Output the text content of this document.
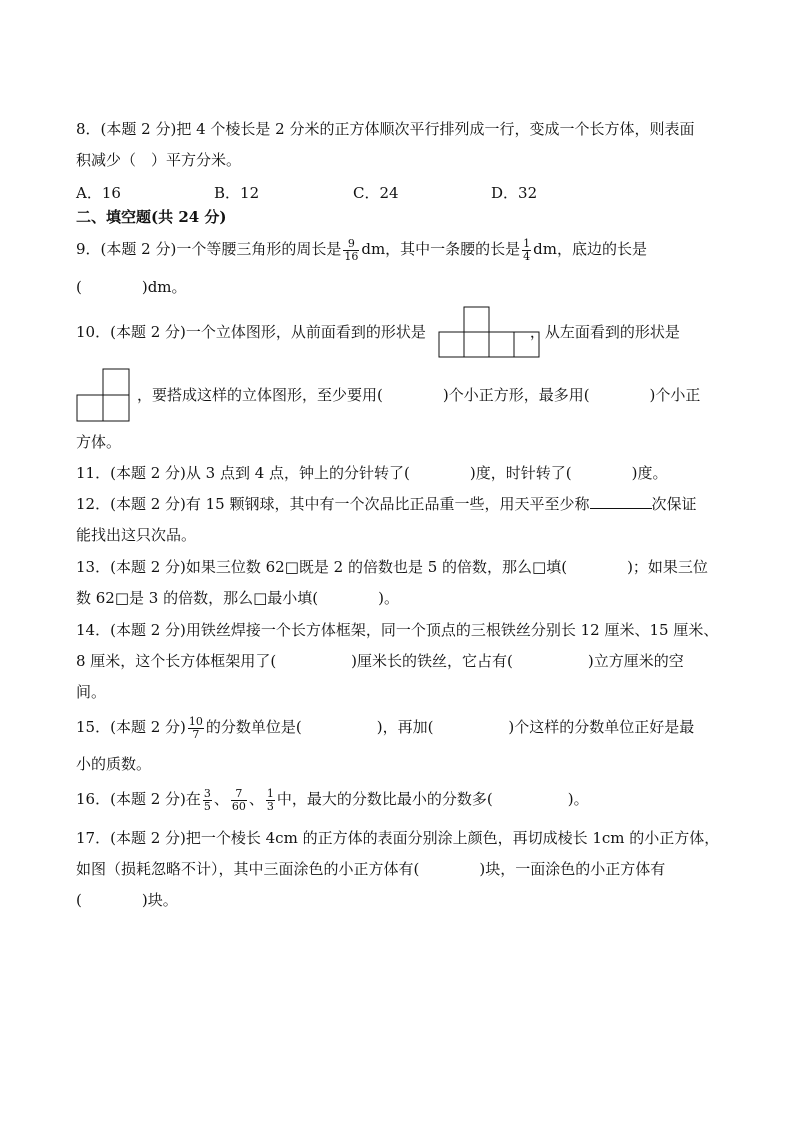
8．(本题 2 分)把 4 个棱长是 2 分米的正方体顺次平行排列成一行，变成一个长方体，则表面
积减少（　）平方分米。
A．16	B．12	C．24	D．32
二、填空题(共 24 分)
9．(本题 2 分)一个等腰三角形的周长是 $\frac{9}{16}$ dm，其中一条腰的长是 $\frac{1}{4}$ dm，底边的长是
(　　　　)dm。
10．(本题 2 分)一个立体图形，从前面看到的形状是	，从左面看到的形状是
，要搭成这样的立体图形，至少要用(　　　　)个小正方形，最多用(　　　　)个小正
方体。
11．(本题 2 分)从 3 点到 4 点，钟上的分针转了(　　　　)度，时针转了(　　　　)度。
12．(本题 2 分)有 15 颗钢球，其中有一个次品比正品重一些，用天平至少称	次保证
能找出这只次品。
13．(本题 2 分)如果三位数 62□既是 2 的倍数也是 5 的倍数，那么□填(　　　　)；如果三位
数 62□是 3 的倍数，那么□最小填(　　　　)。
14．(本题 2 分)用铁丝焊接一个长方体框架，同一个顶点的三根铁丝分别长 12 厘米、15 厘米、
8 厘米，这个长方体框架用了(　　　　　)厘米长的铁丝，它占有(　　　　　)立方厘米的空
间。
15．(本题 2 分) $\frac{10}{7}$ 的分数单位是(　　　　　)，再加(　　　　　)个这样的分数单位正好是最
小的质数。
16．(本题 2 分)在 $\frac{3}{5}$ 、 $\frac{7}{60}$ 、 $\frac{1}{3}$ 中，最大的分数比最小的分数多(　　　　　)。
17．(本题 2 分)把一个棱长 4cm 的正方体的表面分别涂上颜色，再切成棱长 1cm 的小正方体，
如图（损耗忽略不计），其中三面涂色的小正方体有(　　　　)块，一面涂色的小正方体有
(　　　　)块。
